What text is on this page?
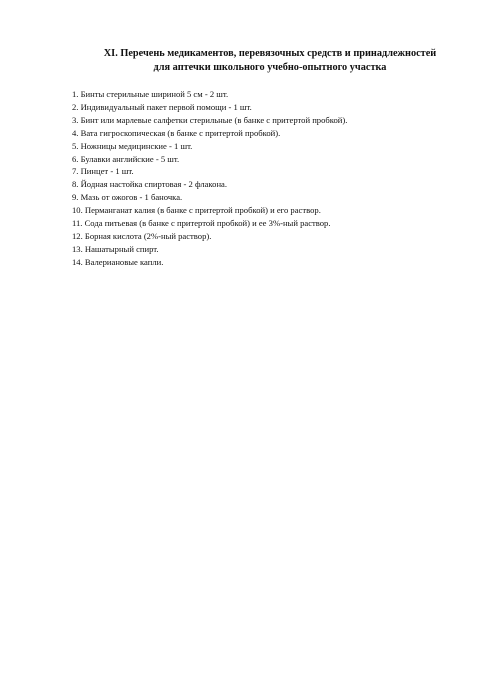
XI. Перечень медикаментов, перевязочных средств и принадлежностей
для аптечки школьного учебно-опытного участка
1. Бинты стерильные шириной 5 см - 2 шт.
2. Индивидуальный пакет первой помощи - 1 шт.
3. Бинт или марлевые салфетки стерильные (в банке с притертой пробкой).
4. Вата гигроскопическая (в банке с притертой пробкой).
5. Ножницы медицинские - 1 шт.
6. Булавки английские - 5 шт.
7. Пинцет - 1 шт.
8. Йодная настойка спиртовая - 2 флакона.
9. Мазь от ожогов - 1 баночка.
10. Перманганат калия (в банке с притертой пробкой) и его раствор.
11. Сода питьевая (в банке с притертой пробкой) и ее 3%-ный раствор.
12. Борная кислота (2%-ный раствор).
13. Нашатырный спирт.
14. Валериановые капли.
